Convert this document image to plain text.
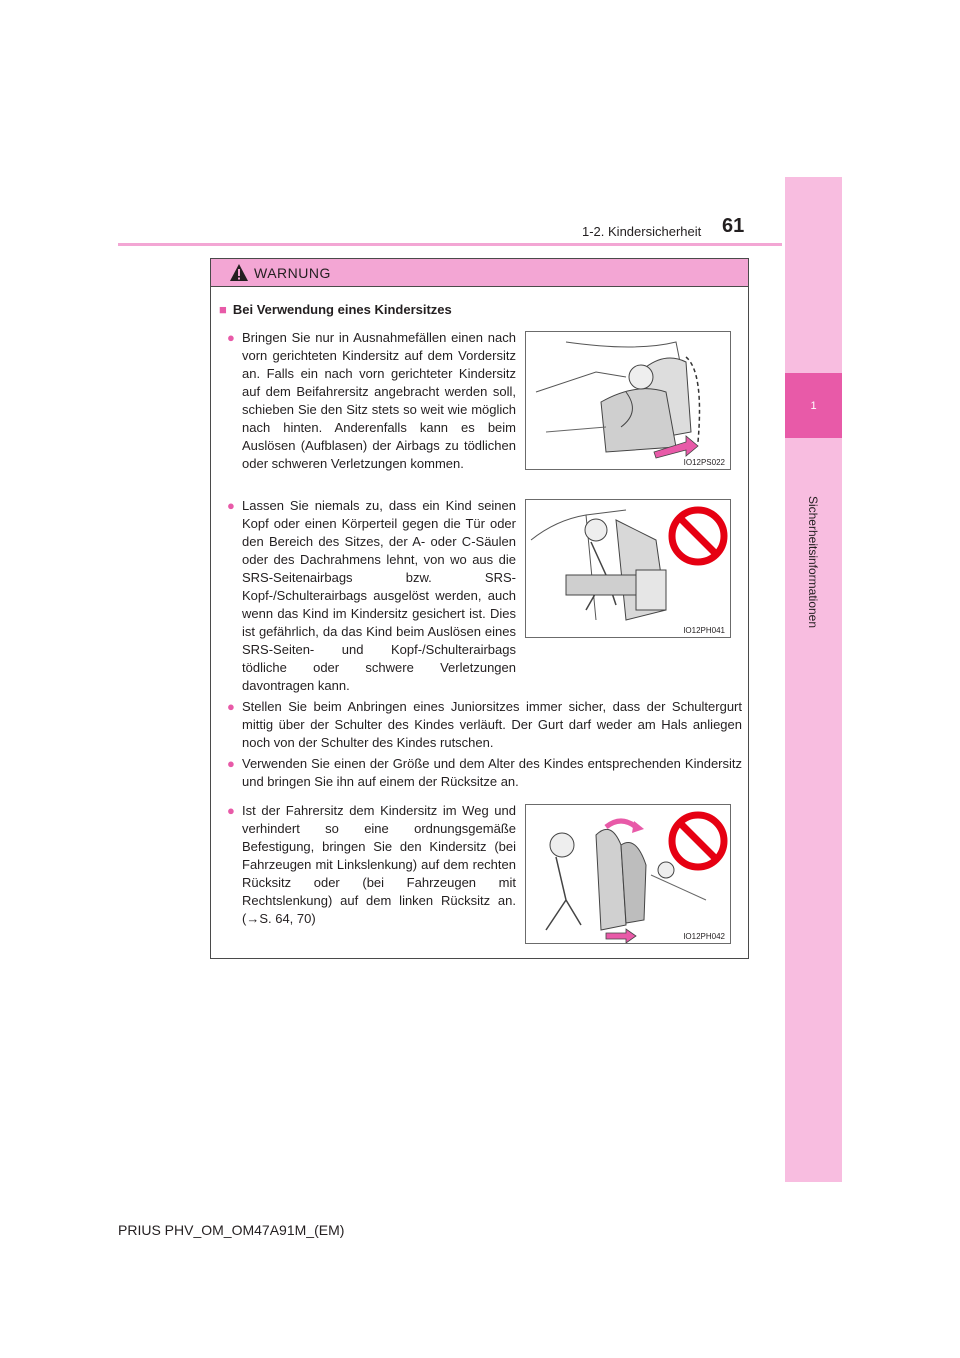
1
Sicherheitsinformationen
1-2. Kindersicherheit 61
WARNUNG
■ Bei Verwendung eines Kindersitzes
● Bringen Sie nur in Ausnahmefällen einen nach vorn gerichteten Kindersitz auf dem Vordersitz an. Falls ein nach vorn gerichteter Kindersitz auf dem Beifahrersitz angebracht werden soll, schieben Sie den Sitz stets so weit wie möglich nach hinten. Anderenfalls kann es beim Auslösen (Aufblasen) der Airbags zu tödlichen oder schweren Verletzungen kommen.	IO12PS022
● Lassen Sie niemals zu, dass ein Kind seinen Kopf oder einen Körperteil gegen die Tür oder den Bereich des Sitzes, der A- oder C-Säulen oder des Dachrahmens lehnt, von wo aus die SRS-Seitenairbags bzw. SRS-Kopf-/Schulterairbags ausgelöst werden, auch wenn das Kind im Kindersitz gesichert ist. Dies ist gefährlich, da das Kind beim Auslösen eines SRS-Seiten- und Kopf-/Schulterairbags tödliche oder schwere Verletzungen davontragen kann.
IO12PH041
● Stellen Sie beim Anbringen eines Juniorsitzes immer sicher, dass der Schultergurt mittig über der Schulter des Kindes verläuft. Der Gurt darf weder am Hals anliegen noch von der Schulter des Kindes rutschen.
● Verwenden Sie einen der Größe und dem Alter des Kindes entsprechenden Kindersitz und bringen Sie ihn auf einem der Rücksitze an.
● Ist der Fahrersitz dem Kindersitz im Weg und verhindert so eine ordnungsgemäße Befestigung, bringen Sie den Kindersitz (bei Fahrzeugen mit Linkslenkung) auf dem rechten Rücksitz oder (bei Fahrzeugen mit Rechtslenkung) auf dem linken Rücksitz an. (→S. 64, 70)
IO12PH042
PRIUS PHV_OM_OM47A91M_(EM)
